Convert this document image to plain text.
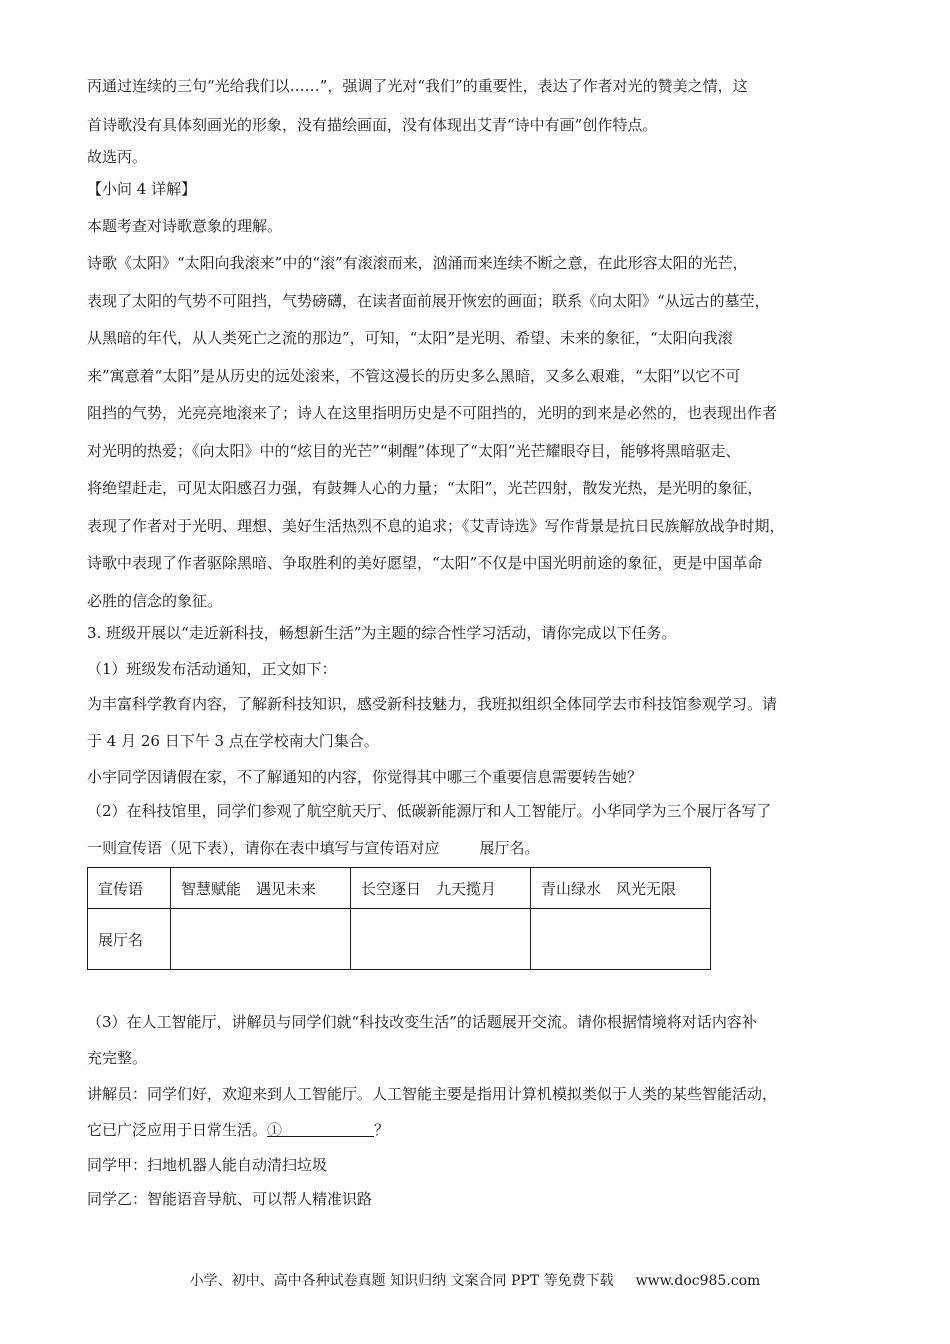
丙通过连续的三句“光给我们以……”，强调了光对“我们”的重要性，表达了作者对光的赞美之情，这
首诗歌没有具体刻画光的形象，没有描绘画面，没有体现出艾青“诗中有画”创作特点。
故选丙。
【小问 4 详解】
本题考查对诗歌意象的理解。
诗歌《太阳》“太阳向我滚来”中的“滚”有滚滚而来，汹涌而来连续不断之意，在此形容太阳的光芒，
表现了太阳的气势不可阻挡，气势磅礴，在读者面前展开恢宏的画面；联系《向太阳》“从远古的墓茔，
从黑暗的年代，从人类死亡之流的那边”，可知，“太阳”是光明、希望、未来的象征，“太阳向我滚
来”寓意着“太阳”是从历史的远处滚来，不管这漫长的历史多么黑暗，又多么艰难，“太阳”以它不可
阻挡的气势，光亮亮地滚来了；诗人在这里指明历史是不可阻挡的，光明的到来是必然的，也表现出作者
对光明的热爱；《向太阳》中的“炫目的光芒”“刺醒”体现了“太阳”光芒耀眼夺目，能够将黑暗驱走、
将绝望赶走，可见太阳感召力强，有鼓舞人心的力量；“太阳”，光芒四射，散发光热，是光明的象征，
表现了作者对于光明、理想、美好生活热烈不息的追求；《艾青诗选》写作背景是抗日民族解放战争时期，
诗歌中表现了作者驱除黑暗、争取胜利的美好愿望，“太阳”不仅是中国光明前途的象征，更是中国革命
必胜的信念的象征。
3. 班级开展以“走近新科技，畅想新生活”为主题的综合性学习活动，请你完成以下任务。
（1）班级发布活动通知，正文如下：
为丰富科学教育内容，了解新科技知识，感受新科技魅力，我班拟组织全体同学去市科技馆参观学习。请
于 4 月 26 日下午 3 点在学校南大门集合。
小宇同学因请假在家，不了解通知的内容，你觉得其中哪三个重要信息需要转告她？
（2）在科技馆里，同学们参观了航空航天厅、低碳新能源厅和人工智能厅。小华同学为三个展厅各写了
一则宣传语（见下表），请你在表中填写与宣传语对应	展厅名。
宣传语	智慧赋能　遇见未来	长空逐日　九天揽月	青山绿水　风光无限
展厅名			
（3）在人工智能厅，讲解员与同学们就“科技改变生活”的话题展开交流。请你根据情境将对话内容补
充完整。
讲解员：同学们好，欢迎来到人工智能厅。人工智能主要是指用计算机模拟类似于人类的某些智能活动，
它已广泛应用于日常生活。①	？
同学甲：扫地机器人能自动清扫垃圾
同学乙：智能语音导航、可以帮人精准识路
小学、初中、高中各种试卷真题 知识归纳 文案合同 PPT 等免费下载 www.doc985.com
